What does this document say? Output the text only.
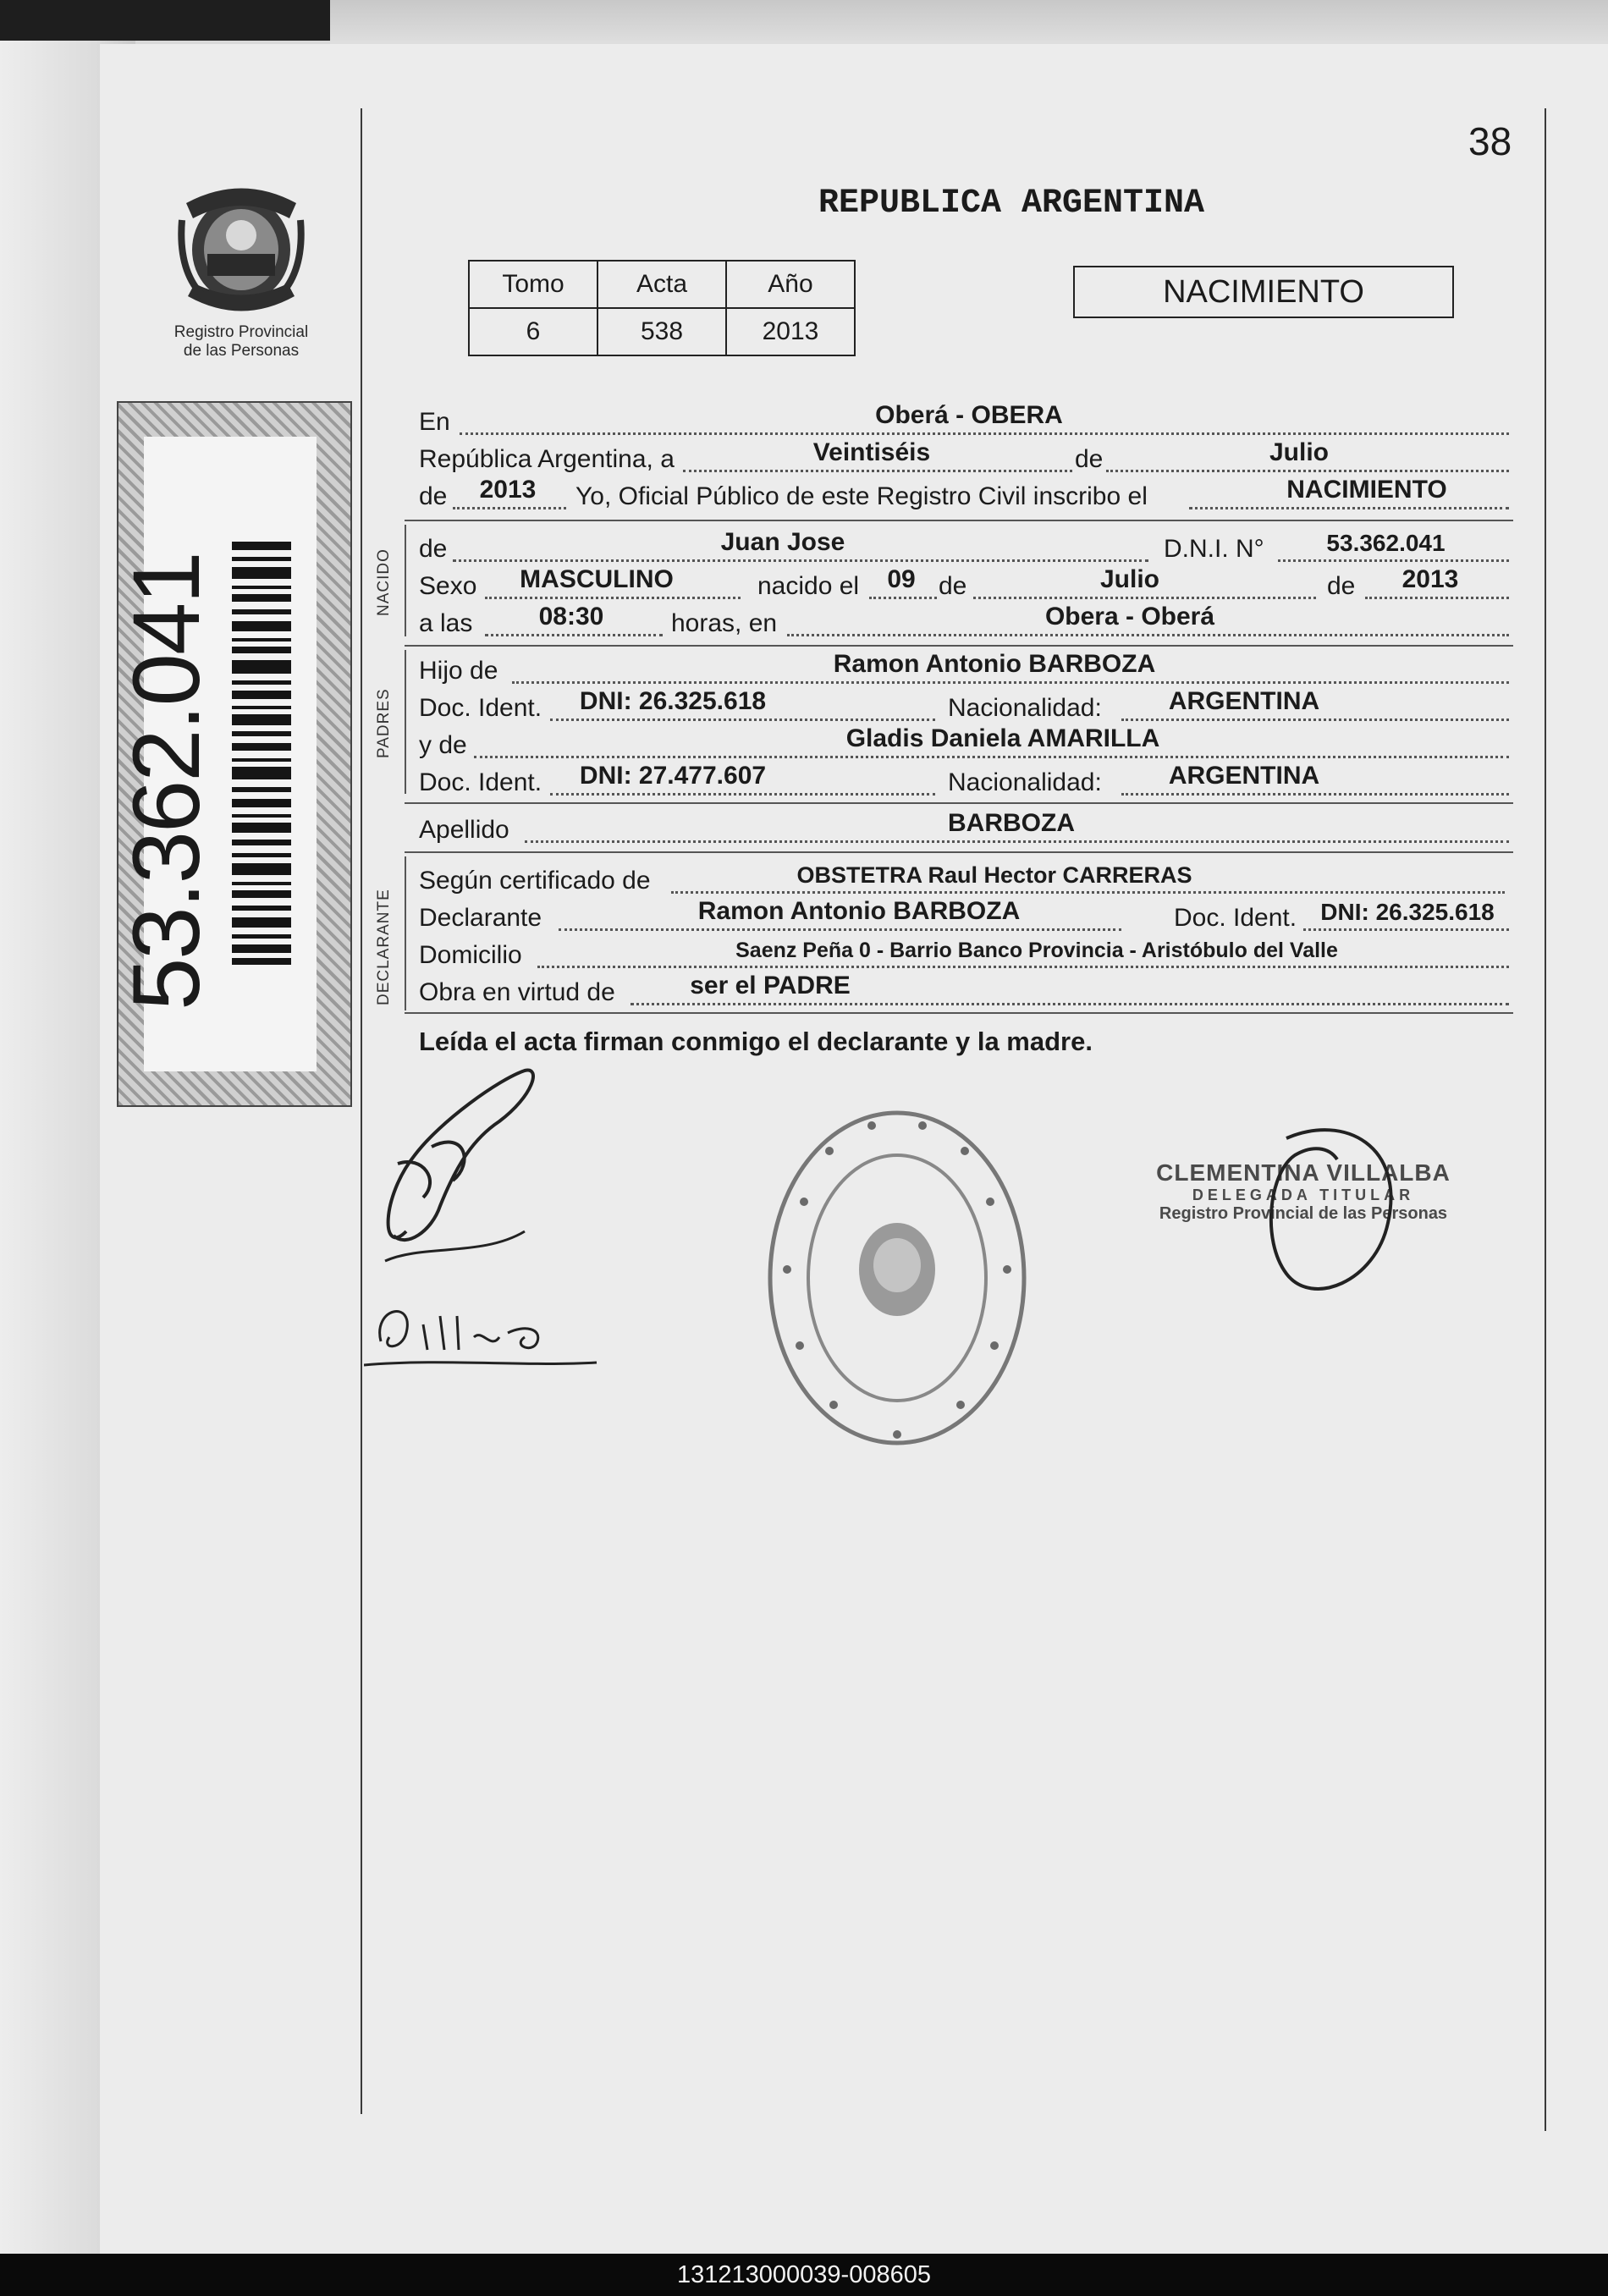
38
Registro Provincial
de las Personas
53.362.041
REPUBLICA ARGENTINA
Tomo	Acta	Año
6	538	2013
NACIMIENTO
En	Oberá - OBERA
República Argentina, a	Veintiséis	de	Julio
de	2013	Yo, Oficial Público de este Registro Civil inscribo el	NACIMIENTO
NACIDO de	Juan Jose	D.N.I. N°	53.362.041
Sexo	MASCULINO	nacido el	09 de	Julio	de	2013
a las	08:30	horas, en	Obera - Oberá
PADRES
Hijo de	Ramon Antonio BARBOZA
Doc. Ident.	DNI: 26.325.618	Nacionalidad:	ARGENTINA
y de	Gladis Daniela AMARILLA
Doc. Ident.	DNI: 27.477.607	Nacionalidad:	ARGENTINA
Apellido	BARBOZA
DECLARANTE
Según certificado de	OBSTETRA Raul Hector CARRERAS
Declarante	Ramon Antonio BARBOZA	Doc. Ident.	DNI: 26.325.618
Domicilio	Saenz Peña 0 - Barrio Banco Provincia - Aristóbulo del Valle
Obra en virtud de	ser el PADRE
Leída el acta firman conmigo el declarante y la madre.
CLEMENTINA VILLALBA
DELEGADA TITULAR
Registro Provincial de las Personas
131213000039-008605
